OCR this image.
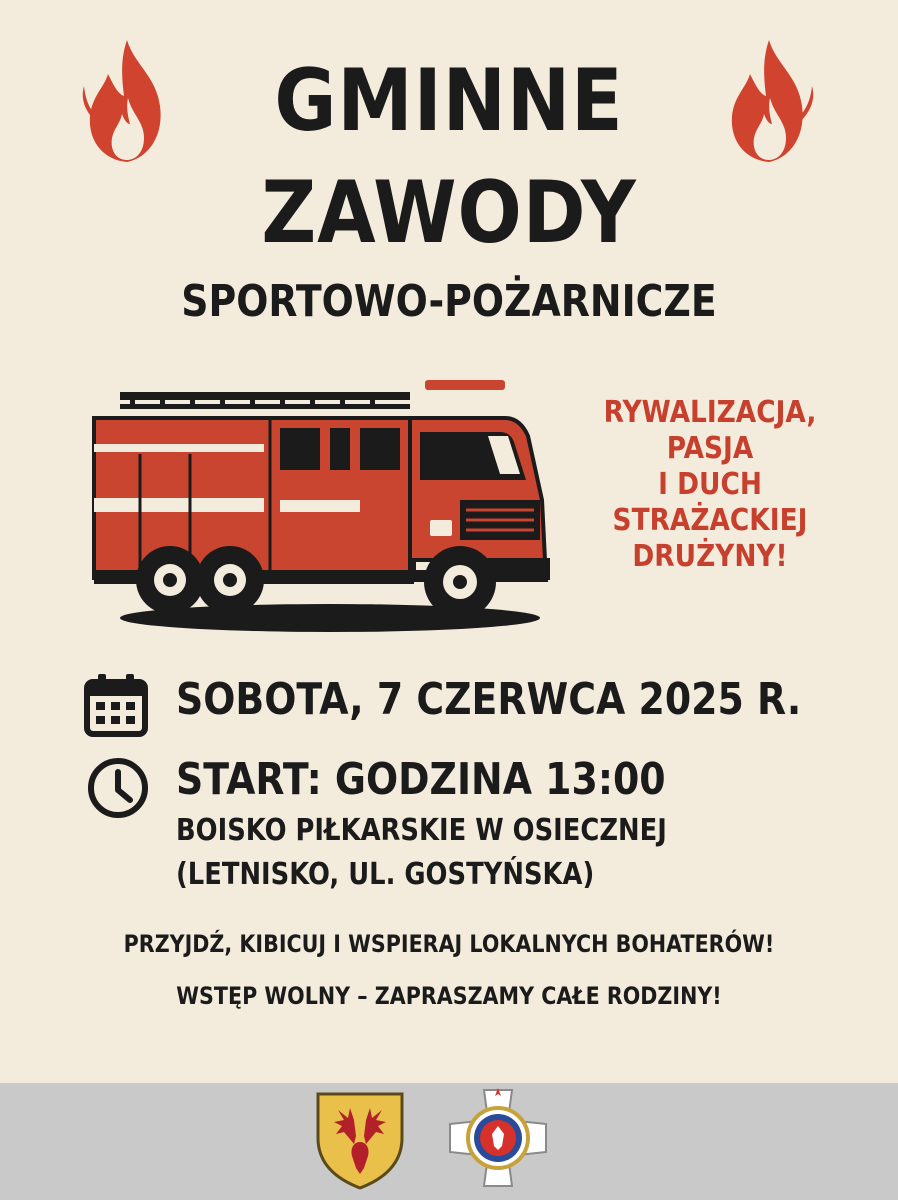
GMINNE
ZAWODY
SPORTOWO-POŻARNICZE
RYWALIZACJA,
PASJA
I DUCH
STRAŻACKIEJ
DRUŻYNY!
SOBOTA, 7 CZERWCA 2025 R.
START: GODZINA 13:00
BOISKO PIŁKARSKIE W OSIECZNEJ
(LETNISKO, UL. GOSTYŃSKA)
PRZYJDŹ, KIBICUJ I WSPIERAJ LOKALNYCH BOHATERÓW!
WSTĘP WOLNY – ZAPRASZAMY CAŁE RODZINY!
